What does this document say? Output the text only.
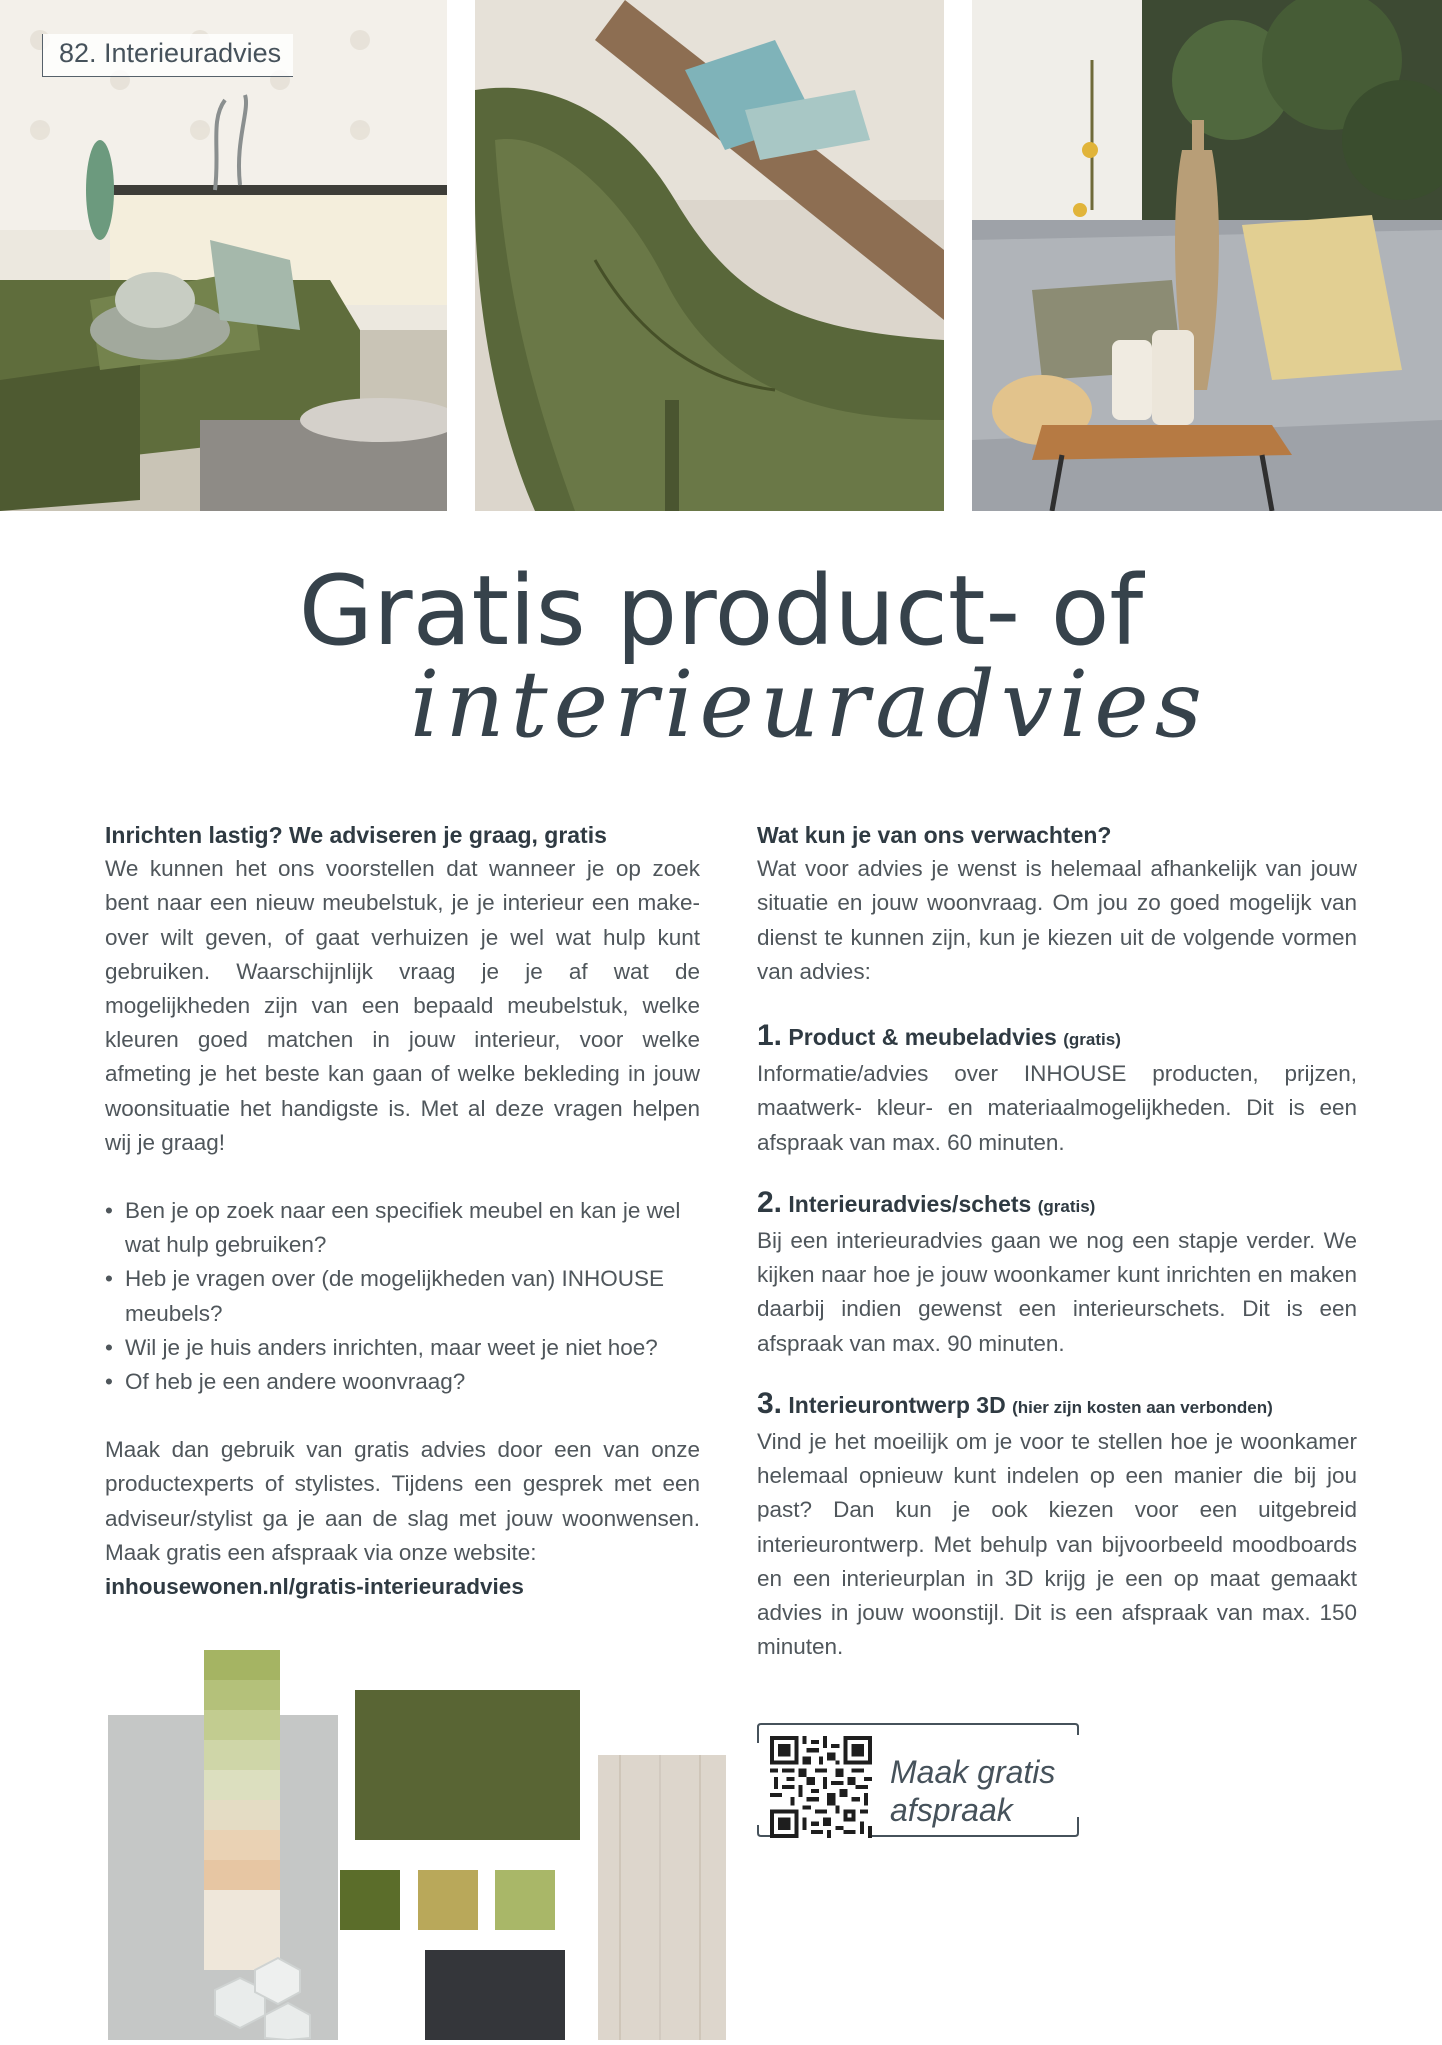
82. Interieuradvies
Gratis product- of
interieuradvies
Inrichten lastig? We adviseren je graag, gratis

We kunnen het ons voorstellen dat wanneer je op zoek bent naar een nieuw meubelstuk, je je interieur een make-over wilt geven, of gaat verhuizen je wel wat hulp kunt gebruiken. Waarschijnlijk vraag je je af wat de mogelijkheden zijn van een bepaald meubelstuk, welke kleuren goed matchen in jouw interieur, voor welke afmeting je het beste kan gaan of welke bekleding in jouw woonsituatie het handigste is. Met al deze vragen helpen wij je graag!

• Ben je op zoek naar een specifiek meubel en kan je wel wat hulp gebruiken?
• Heb je vragen over (de mogelijkheden van) INHOUSE meubels?
• Wil je je huis anders inrichten, maar weet je niet hoe?
• Of heb je een andere woonvraag?

Maak dan gebruik van gratis advies door een van onze productexperts of stylistes. Tijdens een gesprek met een adviseur/stylist ga je aan de slag met jouw woonwensen. Maak gratis een afspraak via onze website:

inhousewonen.nl/gratis-interieuradvies
Wat kun je van ons verwachten?

Wat voor advies je wenst is helemaal afhankelijk van jouw situatie en jouw woonvraag. Om jou zo goed mogelijk van dienst te kunnen zijn, kun je kiezen uit de volgende vormen van advies:

1. Product & meubeladvies (gratis)

Informatie/advies over INHOUSE producten, prijzen, maatwerk- kleur- en materiaalmogelijkheden. Dit is een afspraak van max. 60 minuten.

2. Interieuradvies/schets (gratis)

Bij een interieuradvies gaan we nog een stapje verder. We kijken naar hoe je jouw woonkamer kunt inrichten en maken daarbij indien gewenst een interieurschets. Dit is een afspraak van max. 90 minuten.

3. Interieurontwerp 3D (hier zijn kosten aan verbonden)

Vind je het moeilijk om je voor te stellen hoe je woonkamer helemaal opnieuw kunt indelen op een manier die bij jou past? Dan kun je ook kiezen voor een uitgebreid interieurontwerp. Met behulp van bijvoorbeeld moodboards en een interieurplan in 3D krijg je een op maat gemaakt advies in jouw woonstijl. Dit is een afspraak van max. 150 minuten.

Maak gratis
afspraak
